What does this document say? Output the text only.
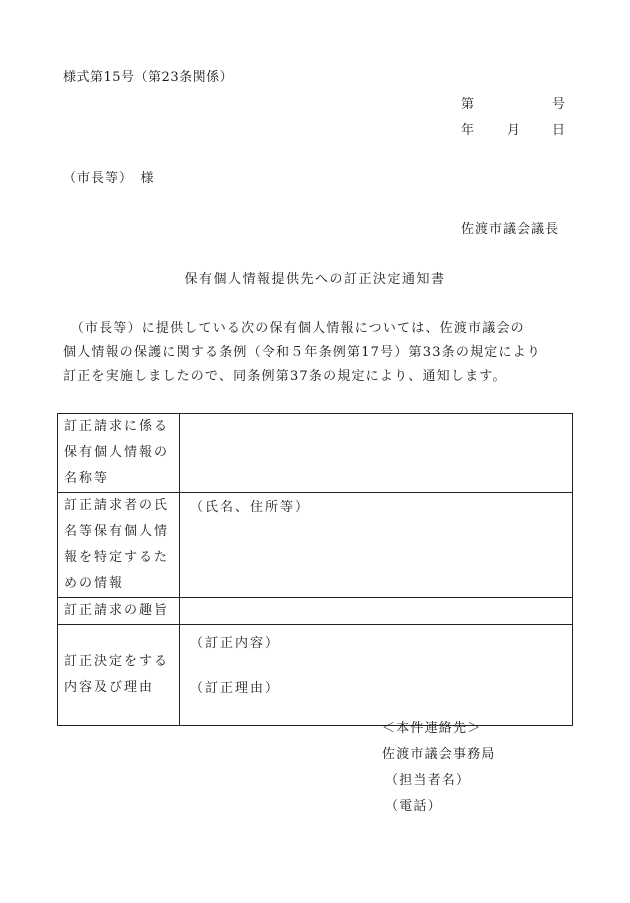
様式第15号（第23条関係）
第	号
年	月 日
（市長等）　様
佐渡市議会議長
保有個人情報提供先への訂正決定通知書
　（市長等）に提供している次の保有個人情報については、佐渡市議会の
個人情報の保護に関する条例（令和５年条例第17号）第33条の規定により
訂正を実施しましたので、同条例第37条の規定により、通知します。
訂正請求に係る
保有個人情報の
名称等	

訂正請求者の氏
名等保有個人情
報を特定するた
めの情報	（氏名、住所等）

訂正請求の趣旨	

訂正決定をする
内容及び理由	（訂正内容）
（訂正理由）
＜本件連絡先＞
佐渡市議会事務局
（担当者名）
（電話）
